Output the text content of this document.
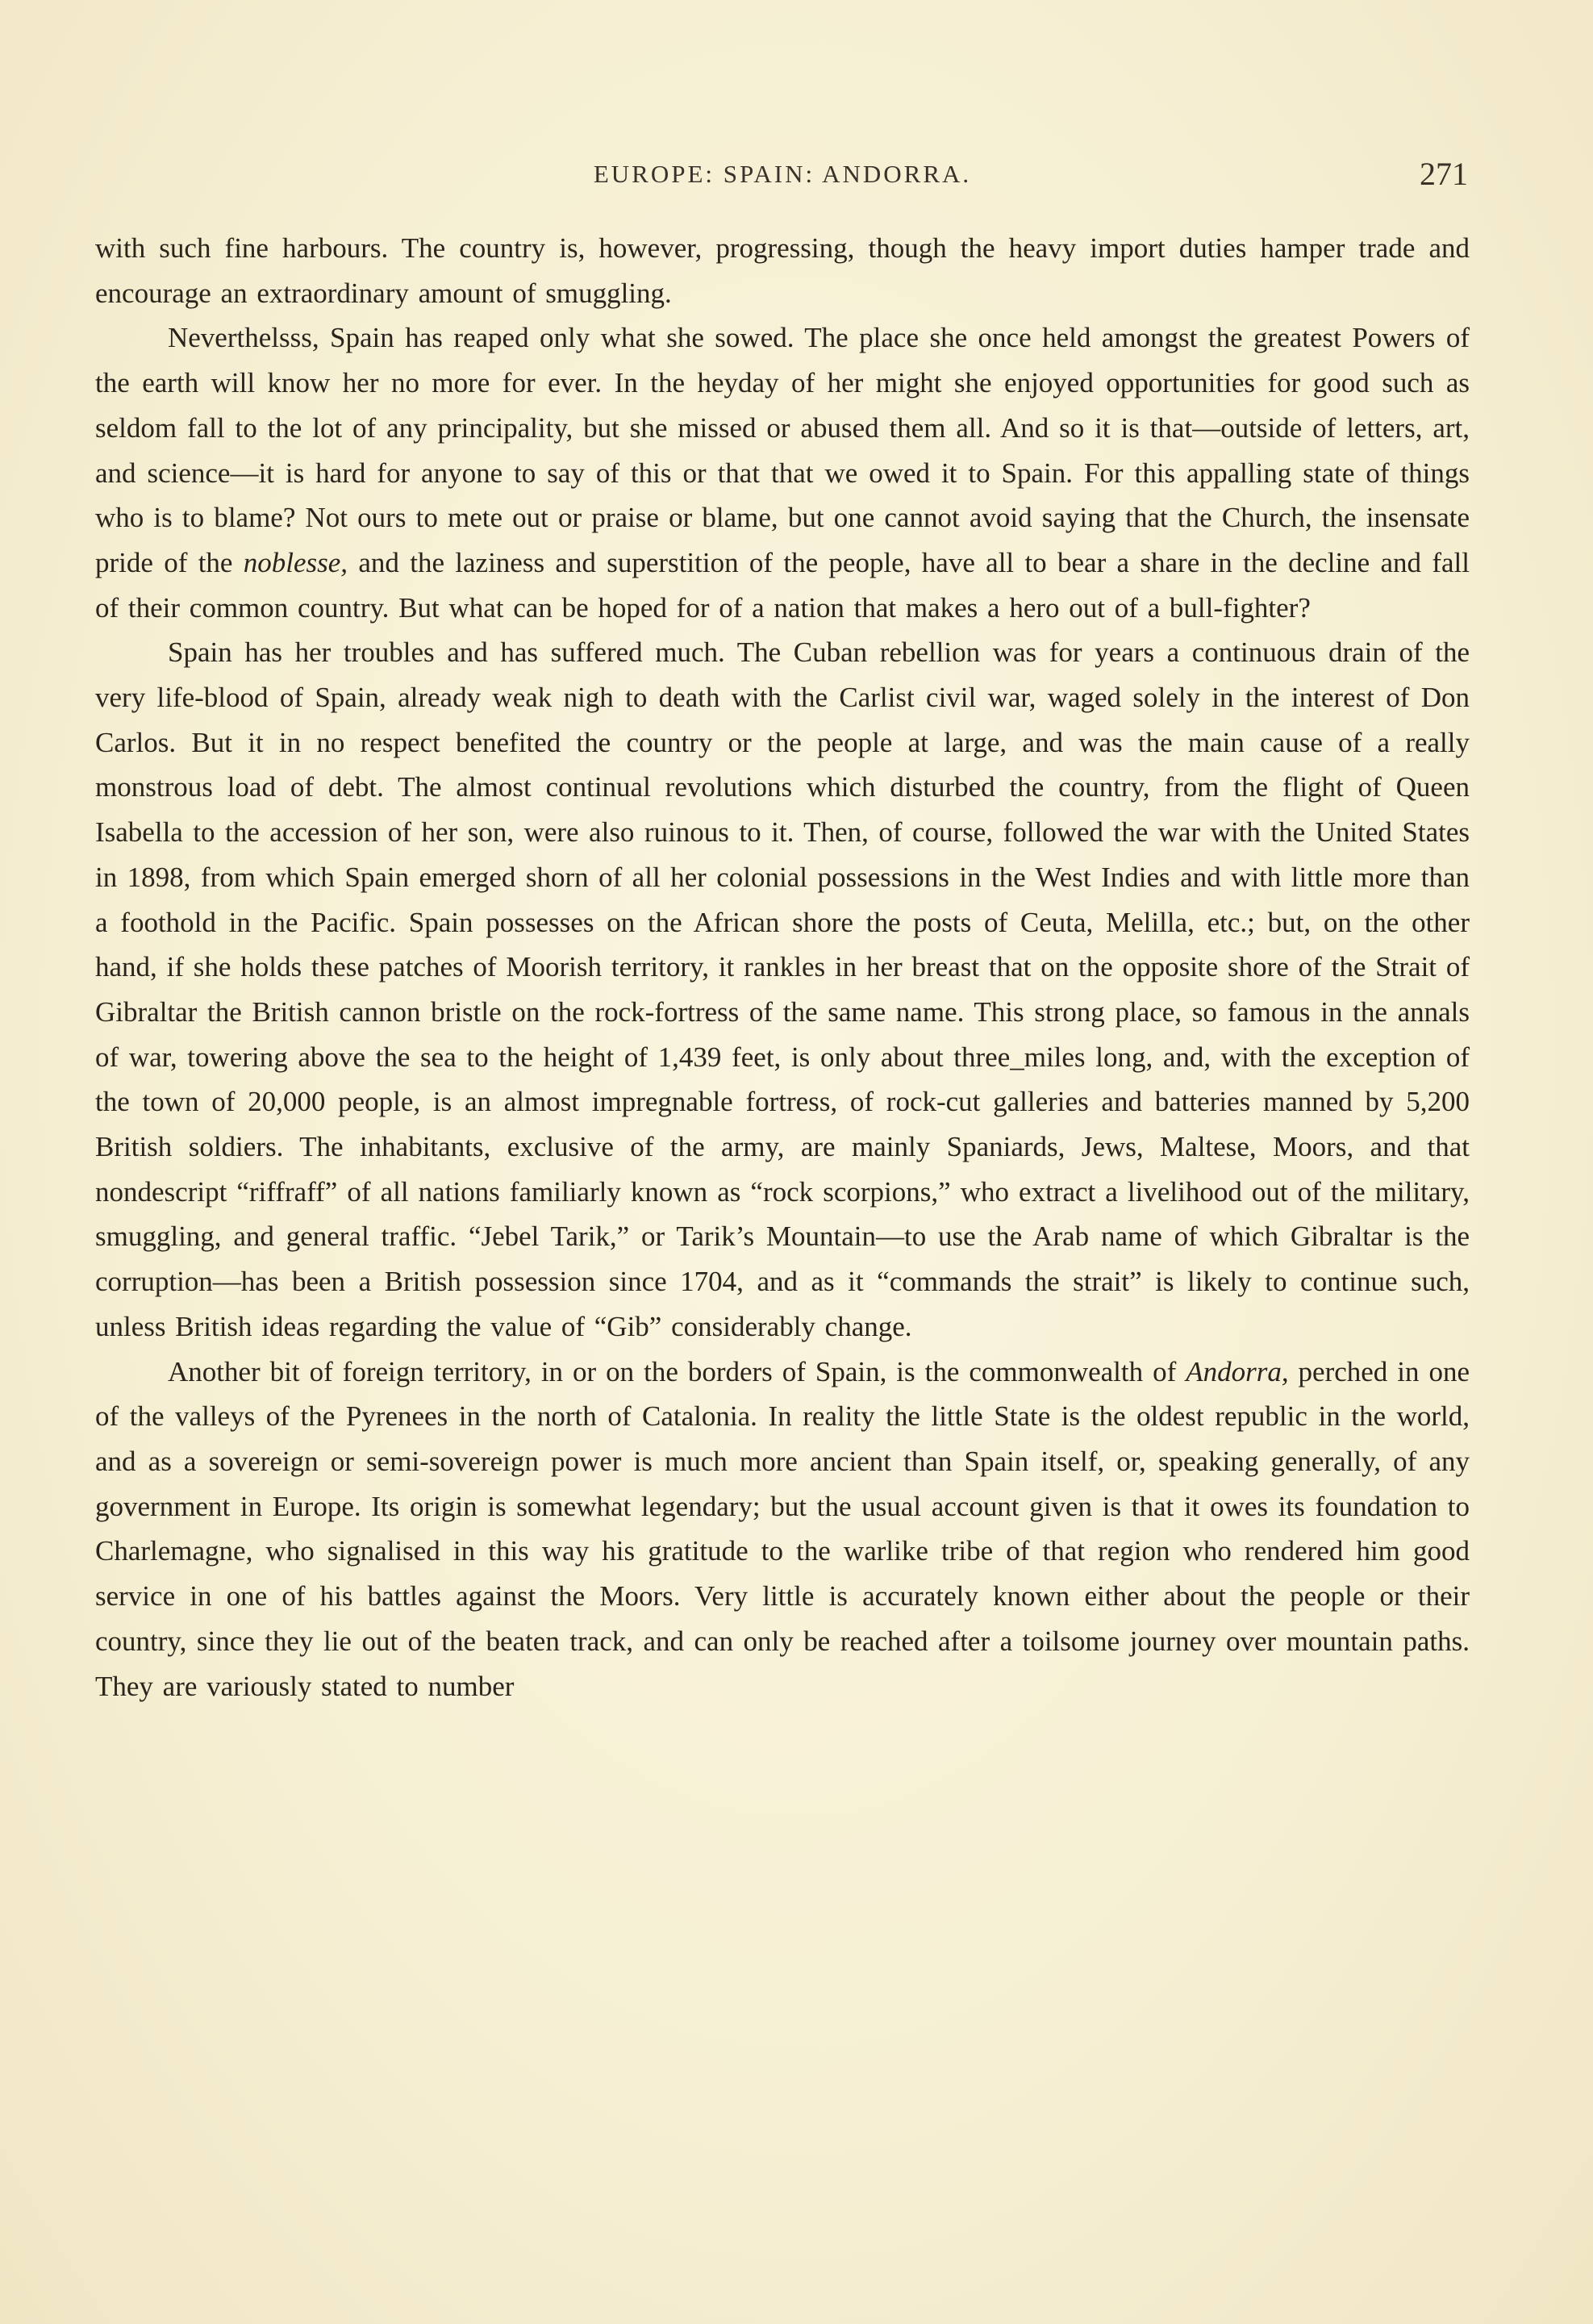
EUROPE: SPAIN: ANDORRA.	271

with such fine harbours. The country is, however, progressing, though the heavy import duties hamper trade and encourage an extraordinary amount of smuggling.

Neverthelsss, Spain has reaped only what she sowed. The place she once held amongst the greatest Powers of the earth will know her no more for ever. In the heyday of her might she enjoyed opportunities for good such as seldom fall to the lot of any principality, but she missed or abused them all. And so it is that—outside of letters, art, and science—it is hard for anyone to say of this or that that we owed it to Spain. For this appalling state of things who is to blame? Not ours to mete out or praise or blame, but one cannot avoid saying that the Church, the insensate pride of the noblesse, and the laziness and superstition of the people, have all to bear a share in the decline and fall of their common country. But what can be hoped for of a nation that makes a hero out of a bull-fighter?

Spain has her troubles and has suffered much. The Cuban rebellion was for years a continuous drain of the very life-blood of Spain, already weak nigh to death with the Carlist civil war, waged solely in the interest of Don Carlos. But it in no respect benefited the country or the people at large, and was the main cause of a really monstrous load of debt. The almost continual revolutions which disturbed the country, from the flight of Queen Isabella to the accession of her son, were also ruinous to it. Then, of course, followed the war with the United States in 1898, from which Spain emerged shorn of all her colonial possessions in the West Indies and with little more than a foothold in the Pacific. Spain possesses on the African shore the posts of Ceuta, Melilla, etc.; but, on the other hand, if she holds these patches of Moorish territory, it rankles in her breast that on the opposite shore of the Strait of Gibraltar the British cannon bristle on the rock-fortress of the same name. This strong place, so famous in the annals of war, towering above the sea to the height of 1,439 feet, is only about three_miles long, and, with the exception of the town of 20,000 people, is an almost impregnable fortress, of rock-cut galleries and batteries manned by 5,200 British soldiers. The inhabitants, exclusive of the army, are mainly Spaniards, Jews, Maltese, Moors, and that nondescript “riffraff” of all nations familiarly known as “rock scorpions,” who extract a livelihood out of the military, smuggling, and general traffic. “Jebel Tarik,” or Tarik’s Mountain—to use the Arab name of which Gibraltar is the corruption—has been a British possession since 1704, and as it “commands the strait” is likely to continue such, unless British ideas regarding the value of “Gib” considerably change.

Another bit of foreign territory, in or on the borders of Spain, is the commonwealth of Andorra, perched in one of the valleys of the Pyrenees in the north of Catalonia. In reality the little State is the oldest republic in the world, and as a sovereign or semi-sovereign power is much more ancient than Spain itself, or, speaking generally, of any government in Europe. Its origin is somewhat legendary; but the usual account given is that it owes its foundation to Charlemagne, who signalised in this way his gratitude to the warlike tribe of that region who rendered him good service in one of his battles against the Moors. Very little is accurately known either about the people or their country, since they lie out of the beaten track, and can only be reached after a toilsome journey over mountain paths. They are variously stated to number
